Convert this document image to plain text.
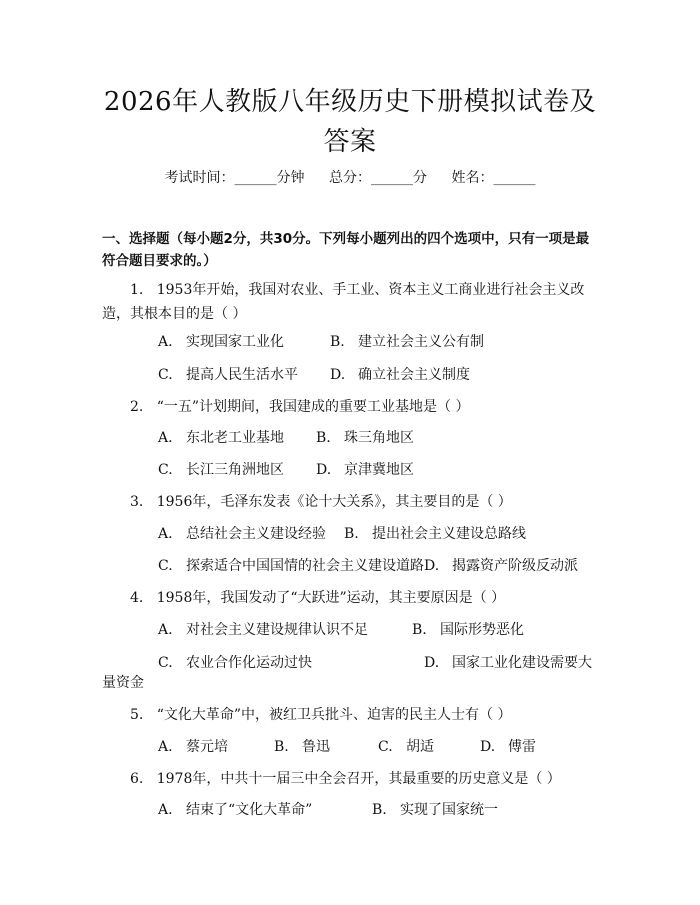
2026年人教版八年级历史下册模拟试卷及答案
考试时间：______分钟 总分：______分 姓名：______
一、选择题（每小题2分，共30分。下列每小题列出的四个选项中，只有一项是最符合题目要求的。）
1. 1953年开始，我国对农业、手工业、资本主义工商业进行社会主义改造，其根本目的是（ ）
A. 实现国家工业化	B. 建立社会主义公有制
C. 提高人民生活水平 D. 确立社会主义制度
2. “一五”计划期间，我国建成的重要工业基地是（ ）
A. 东北老工业基地 B. 珠三角地区
C. 长江三角洲地区 D. 京津冀地区
3. 1956年，毛泽东发表《论十大关系》，其主要目的是（ ）
A. 总结社会主义建设经验 B. 提出社会主义建设总路线
C. 探索适合中国国情的社会主义建设道路 D. 揭露资产阶级反动派
4. 1958年，我国发动了“大跃进”运动，其主要原因是（ ）
A. 对社会主义建设规律认识不足	B. 国际形势恶化
C. 农业合作化运动过快	D. 国家工业化建设需要大
量资金
5. “文化大革命”中，被红卫兵批斗、迫害的民主人士有（ ）
A. 蔡元培	B. 鲁迅	C. 胡适	D. 傅雷
6. 1978年，中共十一届三中全会召开，其最重要的历史意义是（ ）
A. 结束了“文化大革命”	B. 实现了国家统一
